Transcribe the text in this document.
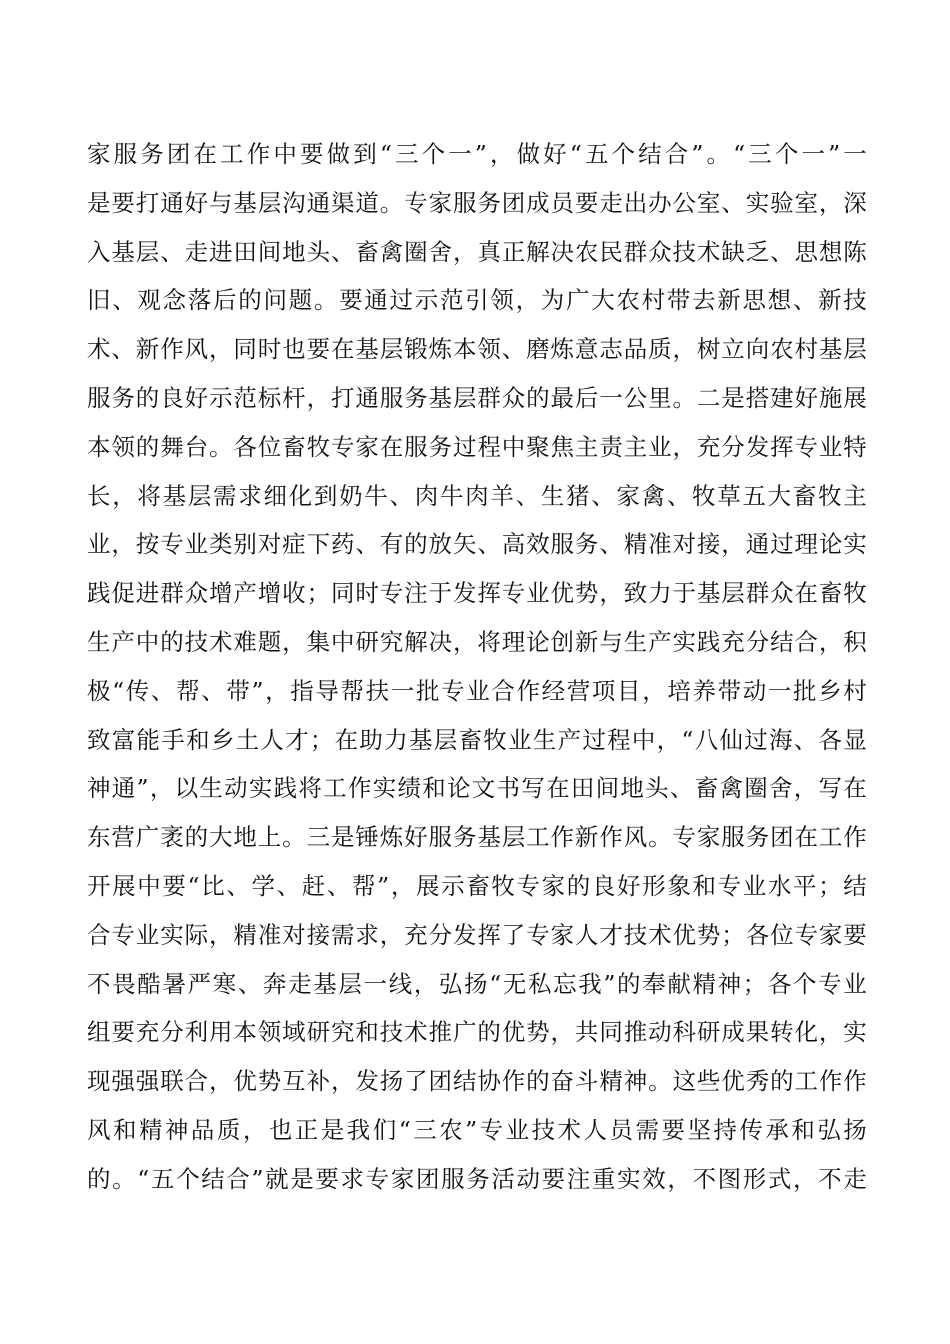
家服务团在工作中要做到“三个一”，做好“五个结合”。“三个一”一
是要打通好与基层沟通渠道。专家服务团成员要走出办公室、实验室，深
入基层、走进田间地头、畜禽圈舍，真正解决农民群众技术缺乏、思想陈
旧、观念落后的问题。要通过示范引领，为广大农村带去新思想、新技
术、新作风，同时也要在基层锻炼本领、磨炼意志品质，树立向农村基层
服务的良好示范标杆，打通服务基层群众的最后一公里。二是搭建好施展
本领的舞台。各位畜牧专家在服务过程中聚焦主责主业，充分发挥专业特
长，将基层需求细化到奶牛、肉牛肉羊、生猪、家禽、牧草五大畜牧主
业，按专业类别对症下药、有的放矢、高效服务、精准对接，通过理论实
践促进群众增产增收；同时专注于发挥专业优势，致力于基层群众在畜牧
生产中的技术难题，集中研究解决，将理论创新与生产实践充分结合，积
极“传、帮、带”，指导帮扶一批专业合作经营项目，培养带动一批乡村
致富能手和乡土人才；在助力基层畜牧业生产过程中，“八仙过海、各显
神通”，以生动实践将工作实绩和论文书写在田间地头、畜禽圈舍，写在
东营广袤的大地上。三是锤炼好服务基层工作新作风。专家服务团在工作
开展中要“比、学、赶、帮”，展示畜牧专家的良好形象和专业水平；结
合专业实际，精准对接需求，充分发挥了专家人才技术优势；各位专家要
不畏酷暑严寒、奔走基层一线，弘扬“无私忘我”的奉献精神；各个专业
组要充分利用本领域研究和技术推广的优势，共同推动科研成果转化，实
现强强联合，优势互补，发扬了团结协作的奋斗精神。这些优秀的工作作
风和精神品质，也正是我们“三农”专业技术人员需要坚持传承和弘扬
的。“五个结合”就是要求专家团服务活动要注重实效，不图形式，不走
